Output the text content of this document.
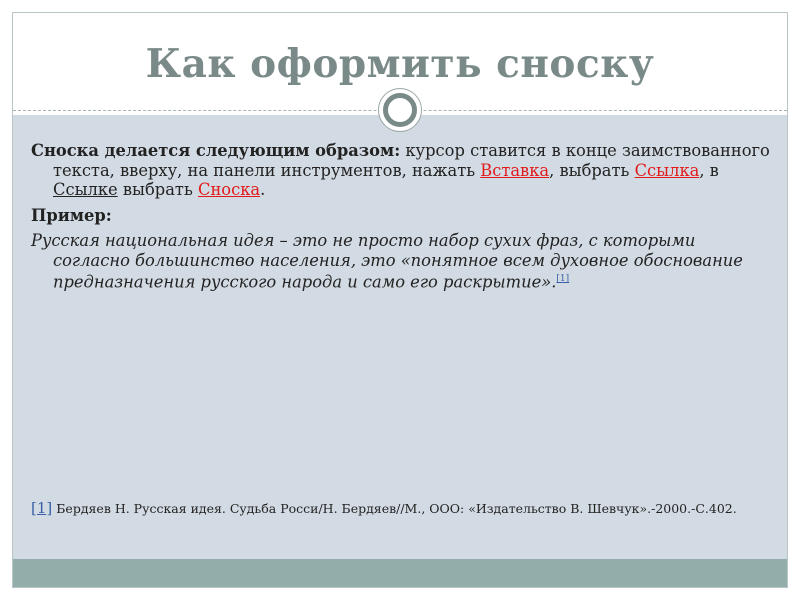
Как оформить сноску

Сноска делается следующим образом: курсор ставится в конце заимствованного текста, вверху, на панели инструментов, нажать Вставка, выбрать Ссылка, в Ссылке выбрать Сноска.

Пример:

Русская национальная идея – это не просто набор сухих фраз, с которыми согласно большинство населения, это «понятное всем духовное обоснование предназначения русского народа и само его раскрытие».[1]

[1] Бердяев Н. Русская идея. Судьба Росси/Н. Бердяев//М., ООО: «Издательство В. Шевчук».-2000.-С.402.
